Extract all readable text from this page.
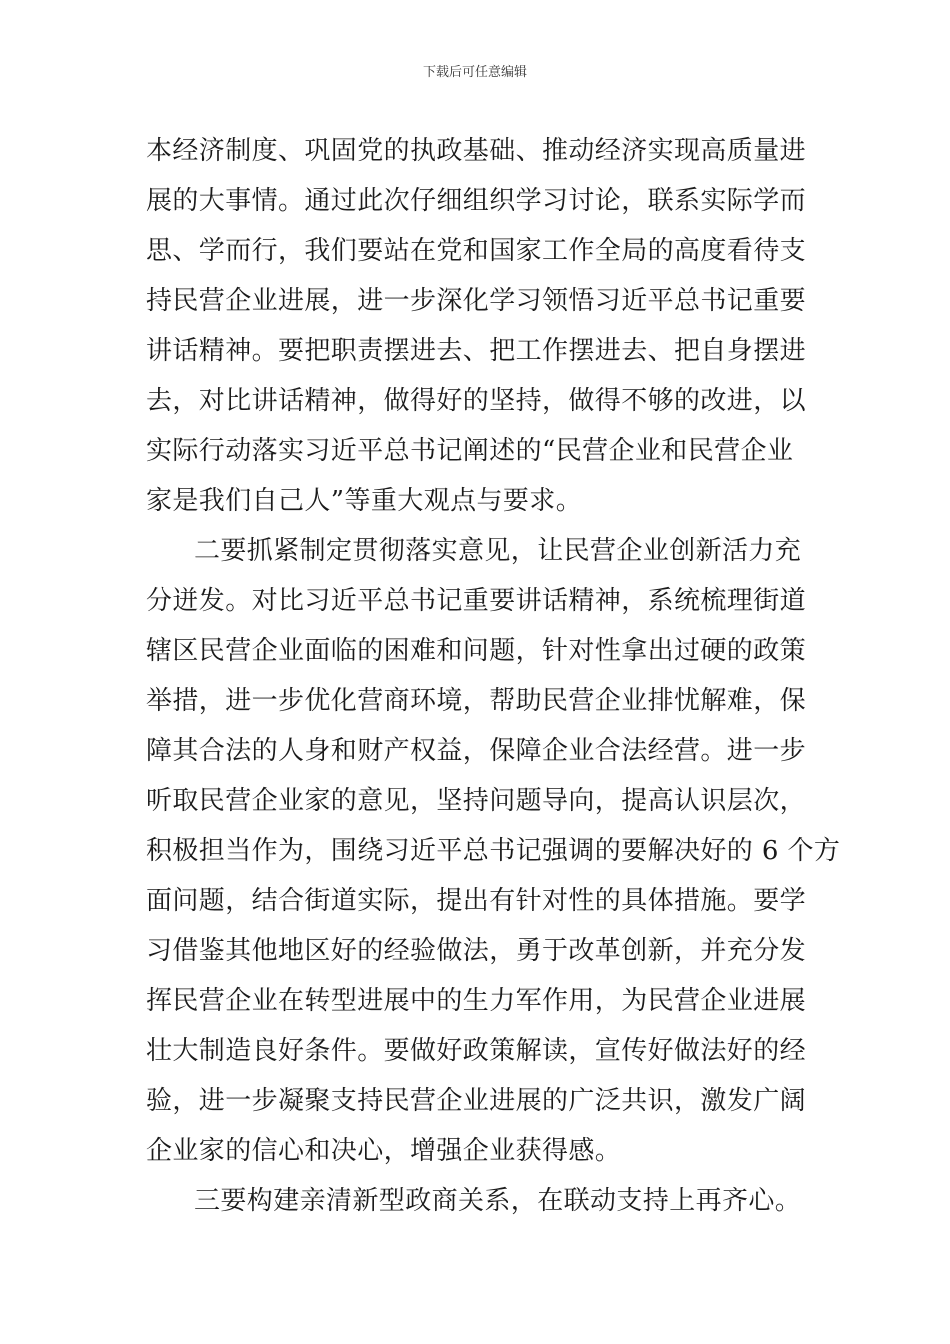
下载后可任意编辑
本经济制度、巩固党的执政基础、推动经济实现高质量进
展的大事情。通过此次仔细组织学习讨论，联系实际学而
思、学而行，我们要站在党和国家工作全局的高度看待支
持民营企业进展，进一步深化学习领悟习近平总书记重要
讲话精神。要把职责摆进去、把工作摆进去、把自身摆进
去，对比讲话精神，做得好的坚持，做得不够的改进，以
实际行动落实习近平总书记阐述的“民营企业和民营企业
家是我们自己人”等重大观点与要求。
二要抓紧制定贯彻落实意见，让民营企业创新活力充
分迸发。对比习近平总书记重要讲话精神，系统梳理街道
辖区民营企业面临的困难和问题，针对性拿出过硬的政策
举措，进一步优化营商环境，帮助民营企业排忧解难，保
障其合法的人身和财产权益，保障企业合法经营。进一步
听取民营企业家的意见，坚持问题导向，提高认识层次，
积极担当作为，围绕习近平总书记强调的要解决好的 6 个方
面问题，结合街道实际，提出有针对性的具体措施。要学
习借鉴其他地区好的经验做法，勇于改革创新，并充分发
挥民营企业在转型进展中的生力军作用，为民营企业进展
壮大制造良好条件。要做好政策解读，宣传好做法好的经
验，进一步凝聚支持民营企业进展的广泛共识，激发广阔
企业家的信心和决心，增强企业获得感。
三要构建亲清新型政商关系，在联动支持上再齐心。
